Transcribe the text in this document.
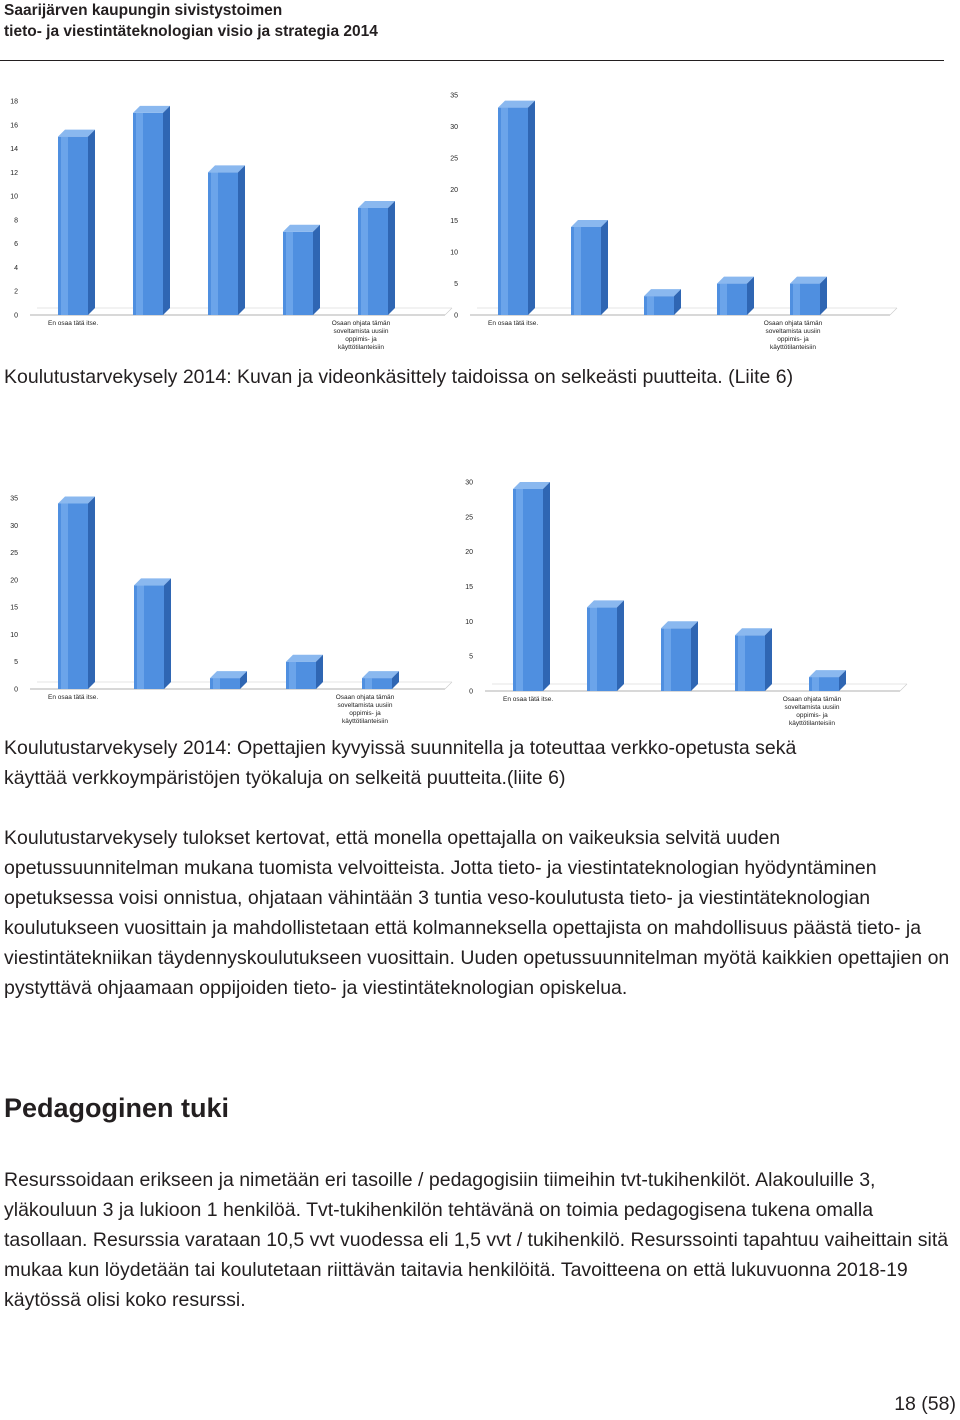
Saarijärven kaupungin sivistystoimen
tieto- ja viestintäteknologian visio ja strategia 2014
0
2
4
6
8
10
12
14
16
18
En osaa tätä itse.	Osaan ohjata tämän
soveltamista uusiin
oppimis- ja
käyttötilanteisiin
0
5
10
15
20
25
30
35
En osaa tätä itse.	Osaan ohjata tämän
soveltamista uusiin
oppimis- ja
käyttötilanteisiin
0
5
10
15
20
25
30
35
En osaa tätä itse.	Osaan ohjata tämän
soveltamista uusiin
oppimis- ja
käyttötilanteisiin
0
5
10
15
20
25
30
En osaa tätä itse.	Osaan ohjata tämän
soveltamista uusiin
oppimis- ja
käyttötilanteisiin

Koulutustarvekysely 2014: Kuvan ja videonkäsittely taidoissa on selkeästi puutteita. (Liite 6)

Koulutustarvekysely 2014: Opettajien kyvyissä suunnitella ja toteuttaa verkko-opetusta sekä

käyttää verkkoympäristöjen työkaluja on selkeitä puutteita.(liite 6)

Koulutustarvekysely tulokset kertovat, että monella opettajalla on vaikeuksia selvitä uuden opetussuunnitelman mukana tuomista velvoitteista. Jotta tieto- ja viestintateknologian hyödyntäminen opetuksessa voisi onnistua, ohjataan vähintään 3 tuntia veso-koulutusta tieto- ja viestintäteknologian koulutukseen vuosittain ja mahdollistetaan että kolmanneksella opettajista on mahdollisuus päästä tieto- ja viestintätekniikan täydennyskoulutukseen vuosittain. Uuden opetussuunnitelman myötä kaikkien opettajien on pystyttävä ohjaamaan oppijoiden tieto- ja viestintäteknologian opiskelua.

Pedagoginen tuki

Resurssoidaan erikseen ja nimetään eri tasoille / pedagogisiin tiimeihin tvt-tukihenkilöt. Alakouluille 3, yläkouluun 3 ja lukioon 1 henkilöä. Tvt-tukihenkilön tehtävänä on toimia pedagogisena tukena omalla tasollaan. Resurssia varataan 10,5 vvt vuodessa eli 1,5 vvt / tukihenkilö. Resurssointi tapahtuu vaiheittain sitä mukaa kun löydetään tai koulutetaan riittävän taitavia henkilöitä. Tavoitteena on että lukuvuonna 2018-19 käytössä olisi koko resurssi.

18 (58)
